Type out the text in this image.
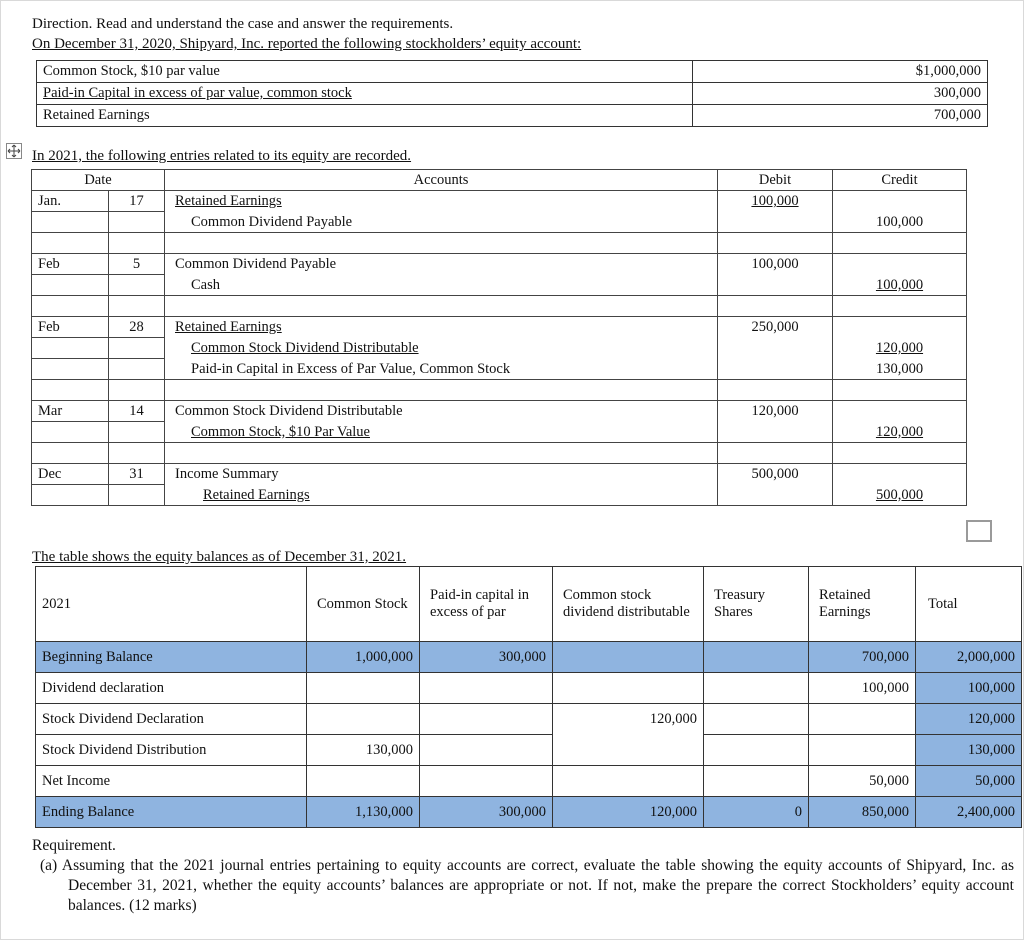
Direction. Read and understand the case and answer the requirements.
On December 31, 2020, Shipyard, Inc. reported the following stockholders’ equity account:
Common Stock, $10 par value	$1,000,000
Paid-in Capital in excess of par value, common stock	300,000
Retained Earnings	700,000
In 2021, the following entries related to its equity are recorded.
Date		Accounts	Debit	Credit
Jan.	17	Retained Earnings	100,000	
		Common Dividend Payable		100,000

Feb	5	Common Dividend Payable	100,000	
		Cash		100,000

Feb	28	Retained Earnings	250,000	
		Common Stock Dividend Distributable		120,000
		Paid-in Capital in Excess of Par Value, Common Stock		130,000

Mar	14	Common Stock Dividend Distributable	120,000	
		Common Stock, $10 Par Value		120,000

Dec	31	Income Summary	500,000	
		Retained Earnings		500,000
The table shows the equity balances as of December 31, 2021.
2021	Common Stock	Paid-in capital in excess of par	Common stock dividend distributable	Treasury Shares	Retained Earnings	Total
Beginning Balance	1,000,000	300,000			700,000	2,000,000
Dividend declaration					100,000	100,000
Stock Dividend Declaration			120,000			120,000
Stock Dividend Distribution	130,000					130,000
Net Income					50,000	50,000
Ending Balance	1,130,000	300,000	120,000	0	850,000	2,400,000
Requirement.
(a) Assuming that the 2021 journal entries pertaining to equity accounts are correct, evaluate the table showing the equity accounts of Shipyard, Inc. as December 31, 2021, whether the equity accounts’ balances are appropriate or not. If not, make the prepare the correct Stockholders’ equity account balances. (12 marks)
